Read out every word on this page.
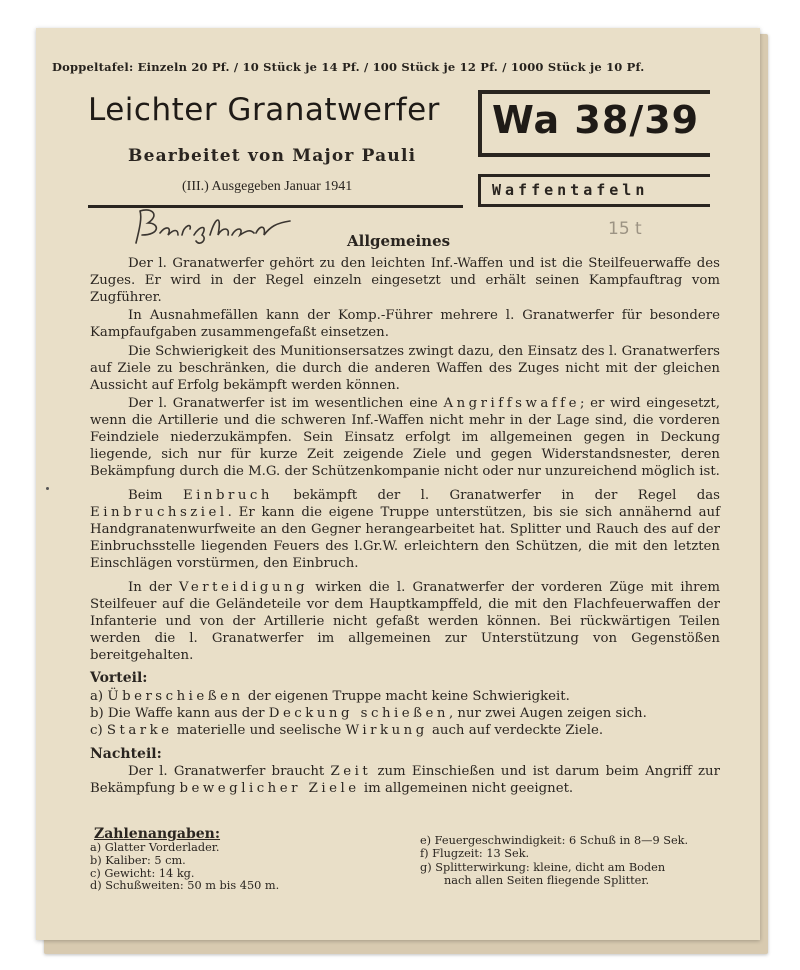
Doppeltafel: Einzeln 20 Pf. / 10 Stück je 14 Pf. / 100 Stück je 12 Pf. / 1000 Stück je 10 Pf.
Leichter Granatwerfer
Bearbeitet von Major Pauli
(III.) Ausgegeben Januar 1941
Wa 38/39
Waffentafeln
15 t
Allgemeines

Der l. Granatwerfer gehört zu den leichten Inf.-Waffen und ist die Steilfeuerwaffe des Zuges. Er wird in der Regel einzeln eingesetzt und erhält seinen Kampfauftrag vom Zugführer.

In Ausnahmefällen kann der Komp.-Führer mehrere l. Granatwerfer für besondere Kampfaufgaben zusammengefaßt einsetzen.

Die Schwierigkeit des Munitionsersatzes zwingt dazu, den Einsatz des l. Granatwerfers auf Ziele zu beschränken, die durch die anderen Waffen des Zuges nicht mit der gleichen Aussicht auf Erfolg bekämpft werden können.

Der l. Granatwerfer ist im wesentlichen eine Angriffswaffe; er wird eingesetzt, wenn die Artillerie und die schweren Inf.-Waffen nicht mehr in der Lage sind, die vorderen Feindziele niederzukämpfen. Sein Einsatz erfolgt im allgemeinen gegen in Deckung liegende, sich nur für kurze Zeit zeigende Ziele und gegen Widerstandsnester, deren Bekämpfung durch die M.G. der Schützenkompanie nicht oder nur unzureichend möglich ist.

Beim Einbruch bekämpft der l. Granatwerfer in der Regel das Einbruchsziel. Er kann die eigene Truppe unterstützen, bis sie sich annähernd auf Handgranatenwurfweite an den Gegner herangearbeitet hat. Splitter und Rauch des auf der Einbruchsstelle liegenden Feuers des l.Gr.W. erleichtern den Schützen, die mit den letzten Einschlägen vorstürmen, den Einbruch.

In der Verteidigung wirken die l. Granatwerfer der vorderen Züge mit ihrem Steilfeuer auf die Geländeteile vor dem Hauptkampffeld, die mit den Flachfeuerwaffen der Infanterie und von der Artillerie nicht gefaßt werden können. Bei rückwärtigen Teilen werden die l. Granatwerfer im allgemeinen zur Unterstützung von Gegenstößen bereitgehalten.

Vorteil:
a) Überschießen der eigenen Truppe macht keine Schwierigkeit.
b) Die Waffe kann aus der Deckung schießen, nur zwei Augen zeigen sich.
c) Starke materielle und seelische Wirkung auch auf verdeckte Ziele.
Nachteil:

Der l. Granatwerfer braucht Zeit zum Einschießen und ist darum beim Angriff zur Bekämpfung beweglicher Ziele im allgemeinen nicht geeignet.

Zahlenangaben:
a) Glatter Vorderlader.
b) Kaliber: 5 cm.
c) Gewicht: 14 kg.
d) Schußweiten: 50 m bis 450 m.
e) Feuergeschwindigkeit: 6 Schuß in 8—9 Sek.
f) Flugzeit: 13 Sek.
g) Splitterwirkung: kleine, dicht am Boden
nach allen Seiten fliegende Splitter.
